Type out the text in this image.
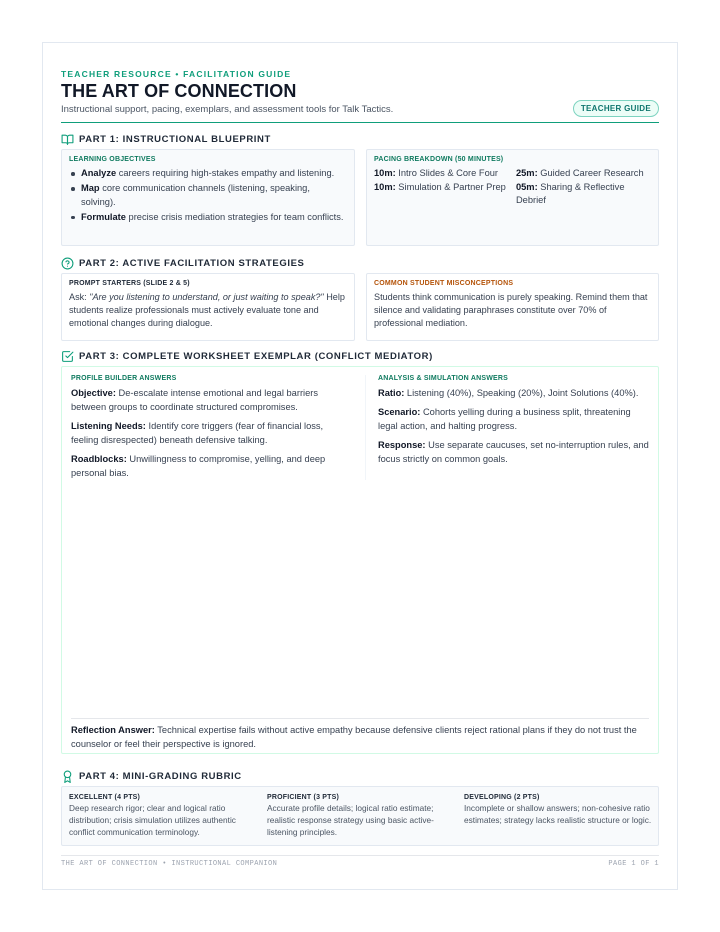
TEACHER RESOURCE • FACILITATION GUIDE
THE ART OF CONNECTION
Instructional support, pacing, exemplars, and assessment tools for Talk Tactics.	TEACHER GUIDE
PART 1: INSTRUCTIONAL BLUEPRINT
LEARNING OBJECTIVES
Analyze careers requiring high-stakes empathy and listening.
Map core communication channels (listening, speaking, solving).
Formulate precise crisis mediation strategies for team conflicts.
PACING BREAKDOWN (50 MINUTES)
10m: Intro Slides & Core Four
10m: Simulation & Partner Prep
25m: Guided Career Research
05m: Sharing & Reflective Debrief
PART 2: ACTIVE FACILITATION STRATEGIES
PROMPT STARTERS (SLIDE 2 & 5)
Ask: "Are you listening to understand, or just waiting to speak?" Help students realize professionals must actively evaluate tone and emotional changes during dialogue.
COMMON STUDENT MISCONCEPTIONS
Students think communication is purely speaking. Remind them that silence and validating paraphrases constitute over 70% of professional mediation.
PART 3: COMPLETE WORKSHEET EXEMPLAR (CONFLICT MEDIATOR)
PROFILE BUILDER ANSWERS
Objective: De-escalate intense emotional and legal barriers between groups to coordinate structured compromises.
Listening Needs: Identify core triggers (fear of financial loss, feeling disrespected) beneath defensive talking.
Roadblocks: Unwillingness to compromise, yelling, and deep personal bias.
ANALYSIS & SIMULATION ANSWERS
Ratio: Listening (40%), Speaking (20%), Joint Solutions (40%).
Scenario: Cohorts yelling during a business split, threatening legal action, and halting progress.
Response: Use separate caucuses, set no-interruption rules, and focus strictly on common goals.
Reflection Answer: Technical expertise fails without active empathy because defensive clients reject rational plans if they do not trust the counselor or feel their perspective is ignored.
PART 4: MINI-GRADING RUBRIC
EXCELLENT (4 PTS)
Deep research rigor; clear and logical ratio distribution; crisis simulation utilizes authentic conflict communication terminology.
PROFICIENT (3 PTS)
Accurate profile details; logical ratio estimate; realistic response strategy using basic active-listening principles.
DEVELOPING (2 PTS)
Incomplete or shallow answers; non-cohesive ratio estimates; strategy lacks realistic structure or logic.
THE ART OF CONNECTION • INSTRUCTIONAL COMPANION	PAGE 1 OF 1
